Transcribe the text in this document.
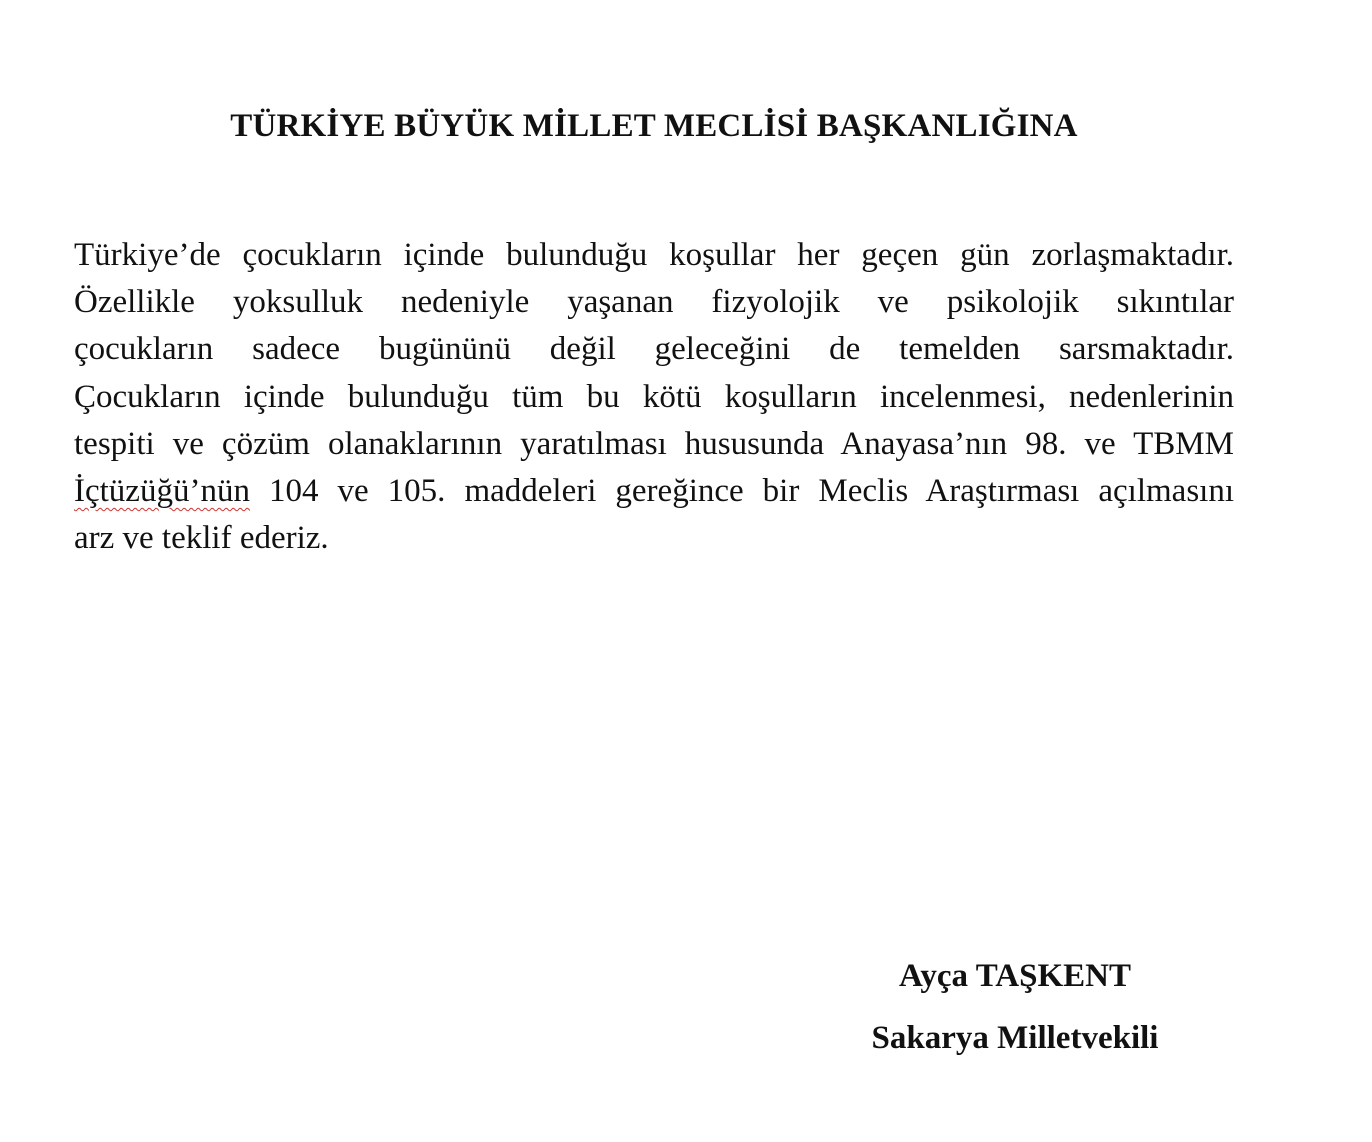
TÜRKİYE BÜYÜK MİLLET MECLİSİ BAŞKANLIĞINA

Türkiye’de çocukların içinde bulunduğu koşullar her geçen gün zorlaşmaktadır.
Özellikle yoksulluk nedeniyle yaşanan fizyolojik ve psikolojik sıkıntılar
çocukların sadece bugününü değil geleceğini de temelden sarsmaktadır.
Çocukların içinde bulunduğu tüm bu kötü koşulların incelenmesi, nedenlerinin
tespiti ve çözüm olanaklarının yaratılması hususunda Anayasa’nın 98. ve TBMM
İçtüzüğü’nün 104 ve 105. maddeleri gereğince bir Meclis Araştırması açılmasını
arz ve teklif ederiz.

Ayça TAŞKENT
Sakarya Milletvekili
